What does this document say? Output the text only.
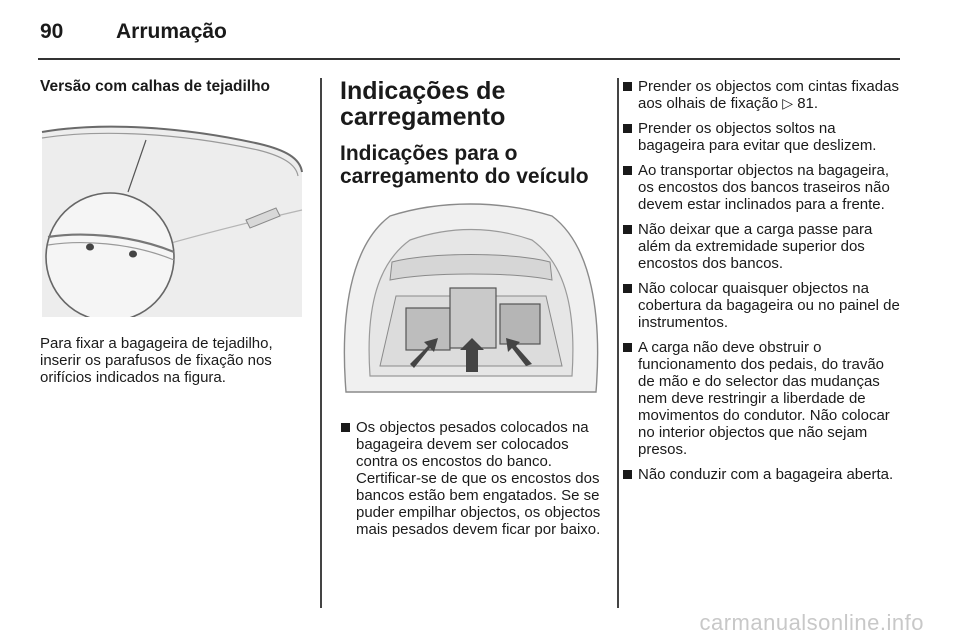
90	Arrumação

Versão com calhas de tejadilho

Para fixar a bagageira de tejadilho, inserir os parafusos de fixação nos orifícios indicados na figura.

Indicações de carregamento

Indicações para o carregamento do veículo

Os objectos pesados colocados na bagageira devem ser colocados contra os encostos do banco. Certificar-se de que os encostos dos bancos estão bem engatados. Se se puder empilhar objectos, os objectos mais pesados devem ficar por baixo.
Prender os objectos com cintas fixadas aos olhais de fixação ▷ 81.
Prender os objectos soltos na bagageira para evitar que deslizem.
Ao transportar objectos na bagageira, os encostos dos bancos traseiros não devem estar inclinados para a frente.
Não deixar que a carga passe para além da extremidade superior dos encostos dos bancos.
Não colocar quaisquer objectos na cobertura da bagageira ou no painel de instrumentos.
A carga não deve obstruir o funcionamento dos pedais, do travão de mão e do selector das mudanças nem deve restringir a liberdade de movimentos do condutor. Não colocar no interior objectos que não sejam presos.
Não conduzir com a bagageira aberta.
carmanualsonline.info
